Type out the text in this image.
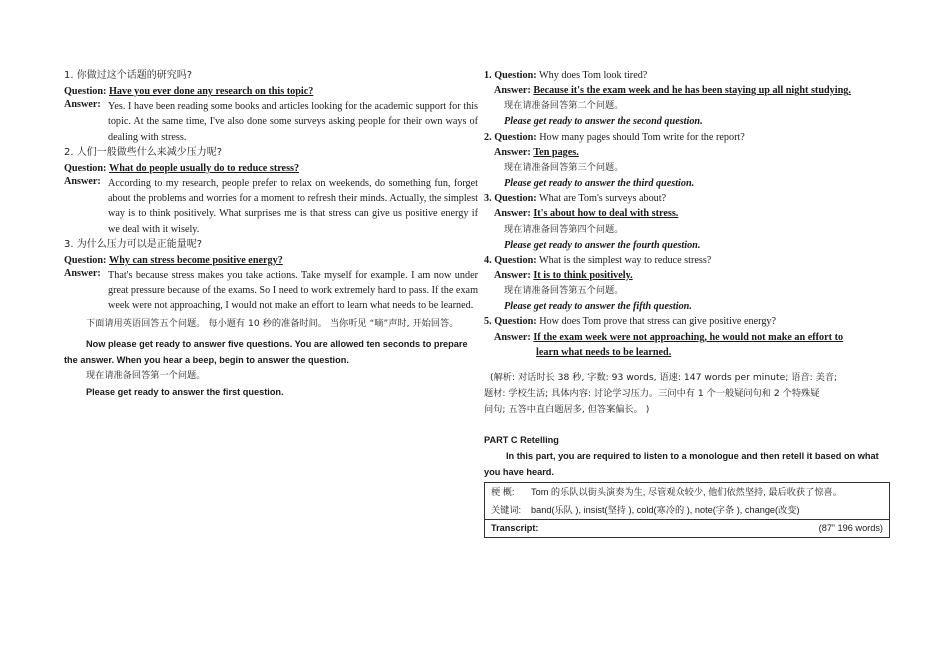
1. 你做过这个话题的研究吗?

Question: Have you ever done any research on this topic?

Answer: Yes. I have been reading some books and articles looking for the academic support for this topic. At the same time, I've also done some surveys asking people for their own ways of dealing with stress.

2. 人们一般做些什么来减少压力呢?

Question: What do people usually do to reduce stress?

Answer: According to my research, people prefer to relax on weekends, do something fun, forget about the problems and worries for a moment to refresh their minds. Actually, the simplest way is to think positively. What surprises me is that stress can give us positive energy if we deal with it wisely.

3. 为什么压力可以是正能量呢?

Question: Why can stress become positive energy?

Answer: That's because stress makes you take actions. Take myself for example. I am now under great pressure because of the exams. So I need to work extremely hard to pass. If the exam week were not approaching, I would not make an effort to learn what needs to be learned.

下面请用英语回答五个问题。 每小题有 10 秒的准备时间。 当你听见 “嘀”声时, 开始回答。

Now please get ready to answer five questions. You are allowed ten seconds to prepare the answer. When you hear a beep, begin to answer the question.

现在请准备回答第一个问题。

Please get ready to answer the first question.

1. Question: Why does Tom look tired?

Answer: Because it's the exam week and he has been staying up all night studying.

现在请准备回答第二个问题。

Please get ready to answer the second question.

2. Question: How many pages should Tom write for the report?

Answer: Ten pages.

现在请准备回答第三个问题。

Please get ready to answer the third question.

3. Question: What are Tom's surveys about?

Answer: It's about how to deal with stress.

现在请准备回答第四个问题。

Please get ready to answer the fourth question.

4. Question: What is the simplest way to reduce stress?

Answer: It is to think positively.

现在请准备回答第五个问题。

Please get ready to answer the fifth question.

5. Question: How does Tom prove that stress can give positive energy?

Answer: If the exam week were not approaching, he would not make an effort to

learn what needs to be learned.

(解析: 对话时长 38 秒, 字数: 93 words, 语速: 147 words per minute; 语音: 美音;

题材: 学校生活; 具体内容: 讨论学习压力。三问中有 1 个一般疑问句和 2 个特殊疑

问句; 五答中直白题居多, 但答案偏长。 )

PART C Retelling

In this part, you are required to listen to a monologue and then retell it based on what you have heard.

梗 概:	Tom 的乐队以街头演奏为生, 尽管观众较少, 他们依然坚持, 最后收获了惊喜。
关键词:	band(乐队 ), insist(坚持 ), cold(寒冷的 ), note(字条 ), change(改变)
Transcript:	(87” 196 words)
